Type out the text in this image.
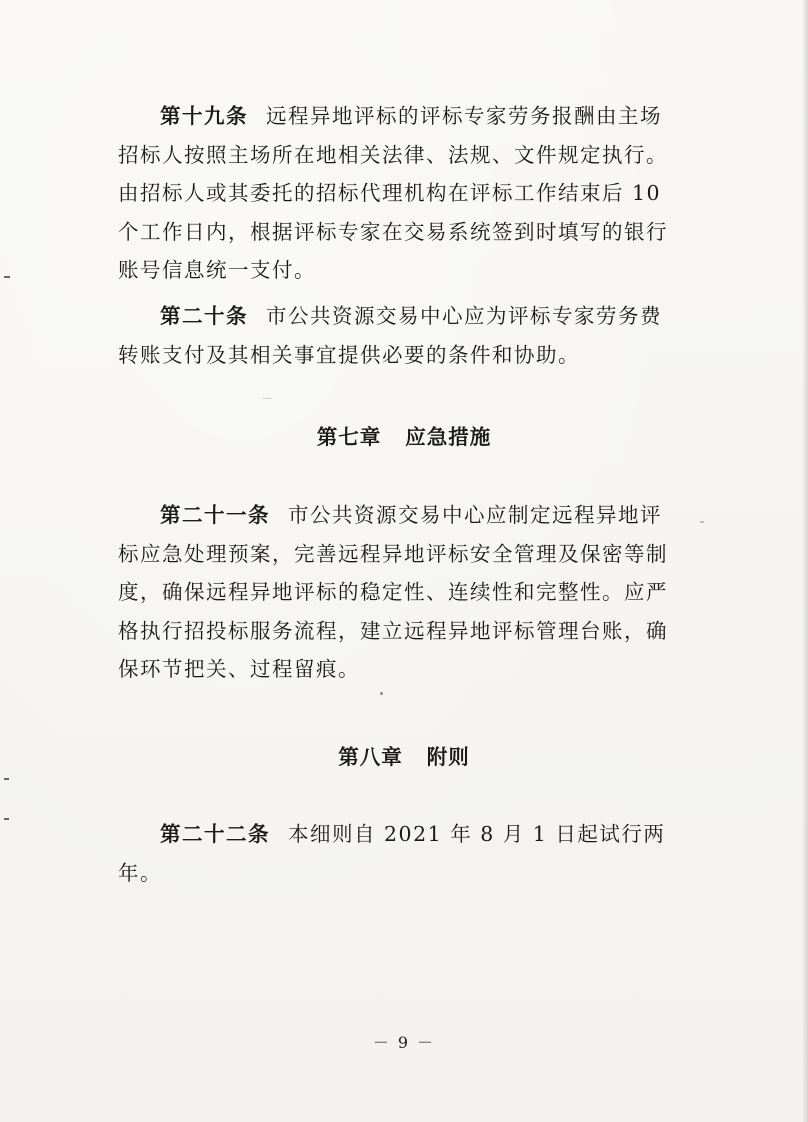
第十九条 远程异地评标的评标专家劳务报酬由主场招标人按照主场所在地相关法律、法规、文件规定执行。由招标人或其委托的招标代理机构在评标工作结束后 10 个工作日内，根据评标专家在交易系统签到时填写的银行账号信息统一支付。

第二十条 市公共资源交易中心应为评标专家劳务费转账支付及其相关事宜提供必要的条件和协助。

第七章 应急措施

第二十一条 市公共资源交易中心应制定远程异地评标应急处理预案，完善远程异地评标安全管理及保密等制度，确保远程异地评标的稳定性、连续性和完整性。应严格执行招投标服务流程，建立远程异地评标管理台账，确保环节把关、过程留痕。

第八章 附则

第二十二条 本细则自 2021 年 8 月 1 日起试行两年。

－ 9 －
